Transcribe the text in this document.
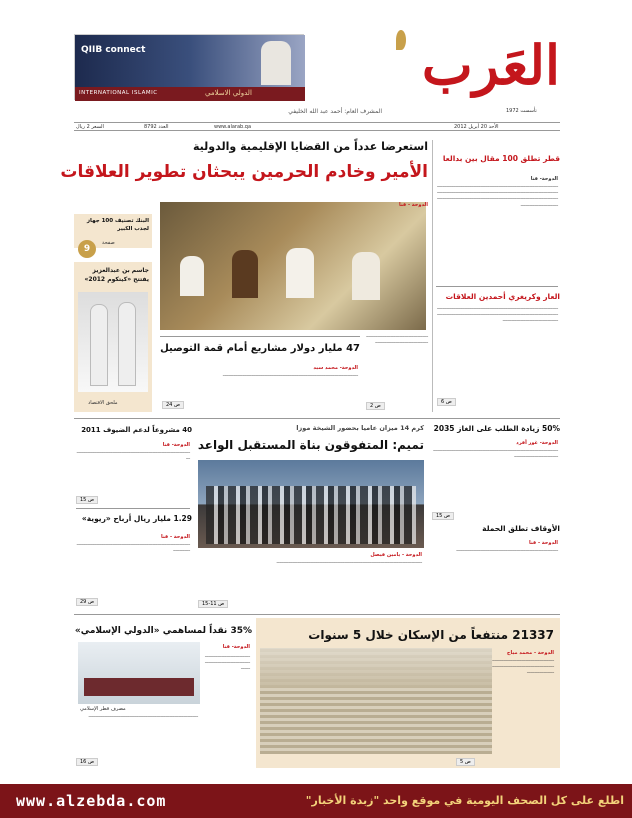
QIIB connect
INTERNATIONAL ISLAMIC	الدولي الاسلامي	العَرب
تأسست 1972
المشرف العام: أحمد عبد الله الخليفي
السعر 2 ريال	العدد 8792	www.alarab.qa	الأحد 20 أبريل 2012
استعرضا عدداً من القضايا الإقليمية والدولية
الأمير وخادم الحرمين يبحثان تطوير العلاقات
البنك تصنيف 100 جهاز لجذب الكبير
9
صفحة
جاسم بن عبدالعزيز يفتتح «كيتكوم 2012»
ملحق الاقتصاد
قطر تطلق 100 مقال بين بدالعا
الدوحة- قنا
ـــــــــــــــــــــــــــــــــــــــــــــــــــــــــــــــــــــــــــــــــــــــــــــــــــــــــــــــــــــــــــــــــــــــــــــــــــــــــــــــــــــــــــــــــــــــــــــــــــــــــــــــــــــــــــــــــــــــــــــــــــــــــــــــــــــــــــــــــــــــــــــــــــــــــــــــــــــــ
العار وكريغري أحمدين العلاقات
ـــــــــــــــــــــــــــــــــــــــــــــــــــــــــــــــــــــــــــــــــــــــــــــــــــــــــــــــــــــــــــــــــــــــــــــــــــــــــــــــــــــــــــــــــــــــــــــــــــــــــــــــــــــــــــــــــــــــ
ص 6
الدوحة - قنا
ـــــــــــــــــــــــــــــــــــــــــــــــــــــــــــــــــــــــــــــــــــــــــ
ص 2
47 مليار دولار مشاريع أمام قمة التوصيل
الدوحة- محمد سيد
ـــــــــــــــــــــــــــــــــــــــــــــــــــــــــــــــــــــــــــــــــــــــــــــــــــــــــ
ص 24
50% زيادة الطلب على الغاز 2035
الدوحة- غور أفرد
ـــــــــــــــــــــــــــــــــــــــــــــــــــــــــــــــــــــــــــــــــــــــــــــــــــــــــــــــــــــــــــــــــــ
ص 15
الأوقاف تطلق الحملة
الدوحة - قنا
ـــــــــــــــــــــــــــــــــــــــــــــــــــــــــــــــــــــــــــــــ
كرم 14 ميزان عاميا بحضور الشيخة موزا
تميم: المتفوقون بناة المستقبل الواعد
الدوحة - يامين فيصل
ـــــــــــــــــــــــــــــــــــــــــــــــــــــــــــــــــــــــــــــــــــــــــــــــــــــــــــــــــ
ص 11-15
40 مشروعاً لدعم الضيوف 2011
الدوحة- قنا
ـــــــــــــــــــــــــــــــــــــــــــــــــــــــــــــــــــــــــــــــــــــــــــ
ص 15
1.29 مليار ريال أرباح «ريوية»
الدوحة - قنا
ـــــــــــــــــــــــــــــــــــــــــــــــــــــــــــــــــــــــــــــــــــــــــــــــــــــ
ص 29
21337 منتفعاً من الإسكان خلال 5 سنوات
الدوحة - محمد مياح
ـــــــــــــــــــــــــــــــــــــــــــــــــــــــــــــــــــــــــــــــــــــــــــــــــــــــــــــــــــــ
ص 5
35% نقداً لمساهمي «الدولي الإسلامي»
الدوحة- قنا
ـــــــــــــــــــــــــــــــــــــــــــــــــــــــــــــــــــــــــــــ
مصرف قطر الإسلامي
ـــــــــــــــــــــــــــــــــــــــــــــــــــــــــــــــــــــــــــــــــــــ
ص 16
www.alzebda.com	اطلع على كل الصحف اليومية في موقع واحد "زبدة الأخبار"
